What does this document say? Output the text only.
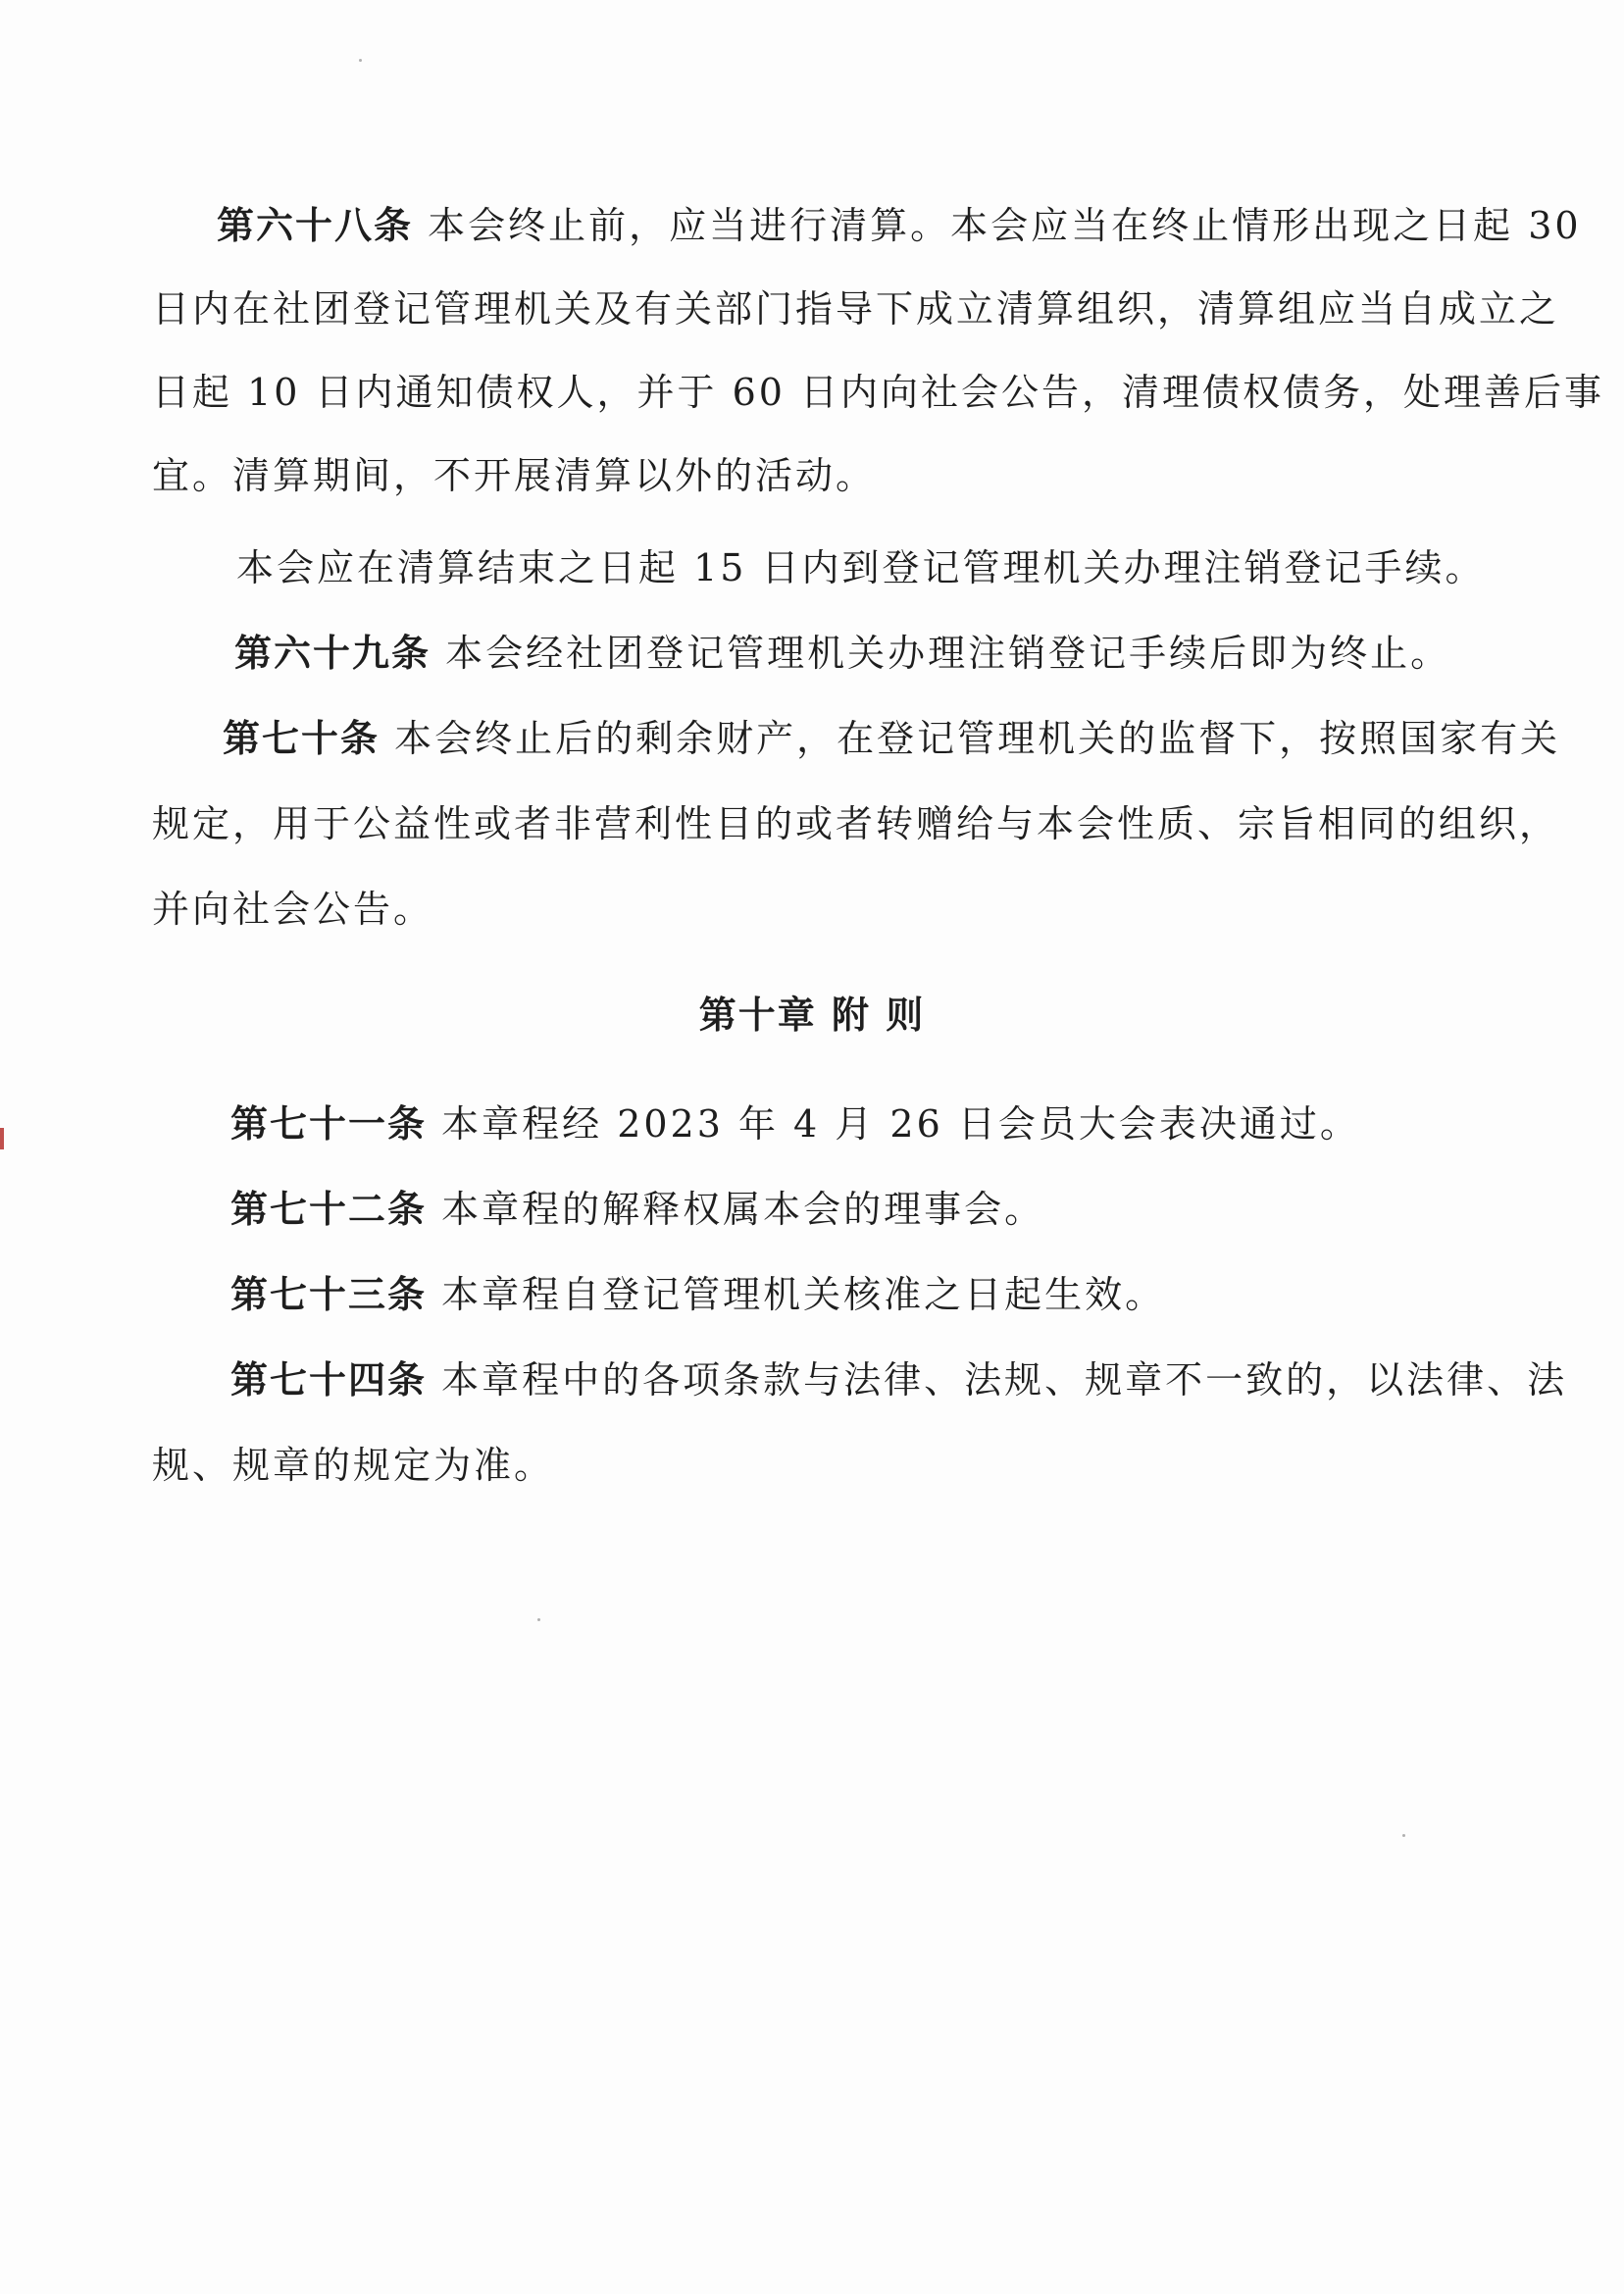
第六十八条 本会终止前，应当进行清算。本会应当在终止情形出现之日起 30
日内在社团登记管理机关及有关部门指导下成立清算组织，清算组应当自成立之
日起 10 日内通知债权人，并于 60 日内向社会公告，清理债权债务，处理善后事
宜。清算期间，不开展清算以外的活动。
本会应在清算结束之日起 15 日内到登记管理机关办理注销登记手续。
第六十九条 本会经社团登记管理机关办理注销登记手续后即为终止。
第七十条 本会终止后的剩余财产，在登记管理机关的监督下，按照国家有关
规定，用于公益性或者非营利性目的或者转赠给与本会性质、宗旨相同的组织，
并向社会公告。
第十章 附 则
第七十一条 本章程经 2023 年 4 月 26 日会员大会表决通过。
第七十二条 本章程的解释权属本会的理事会。
第七十三条 本章程自登记管理机关核准之日起生效。
第七十四条 本章程中的各项条款与法律、法规、规章不一致的，以法律、法
规、规章的规定为准。
